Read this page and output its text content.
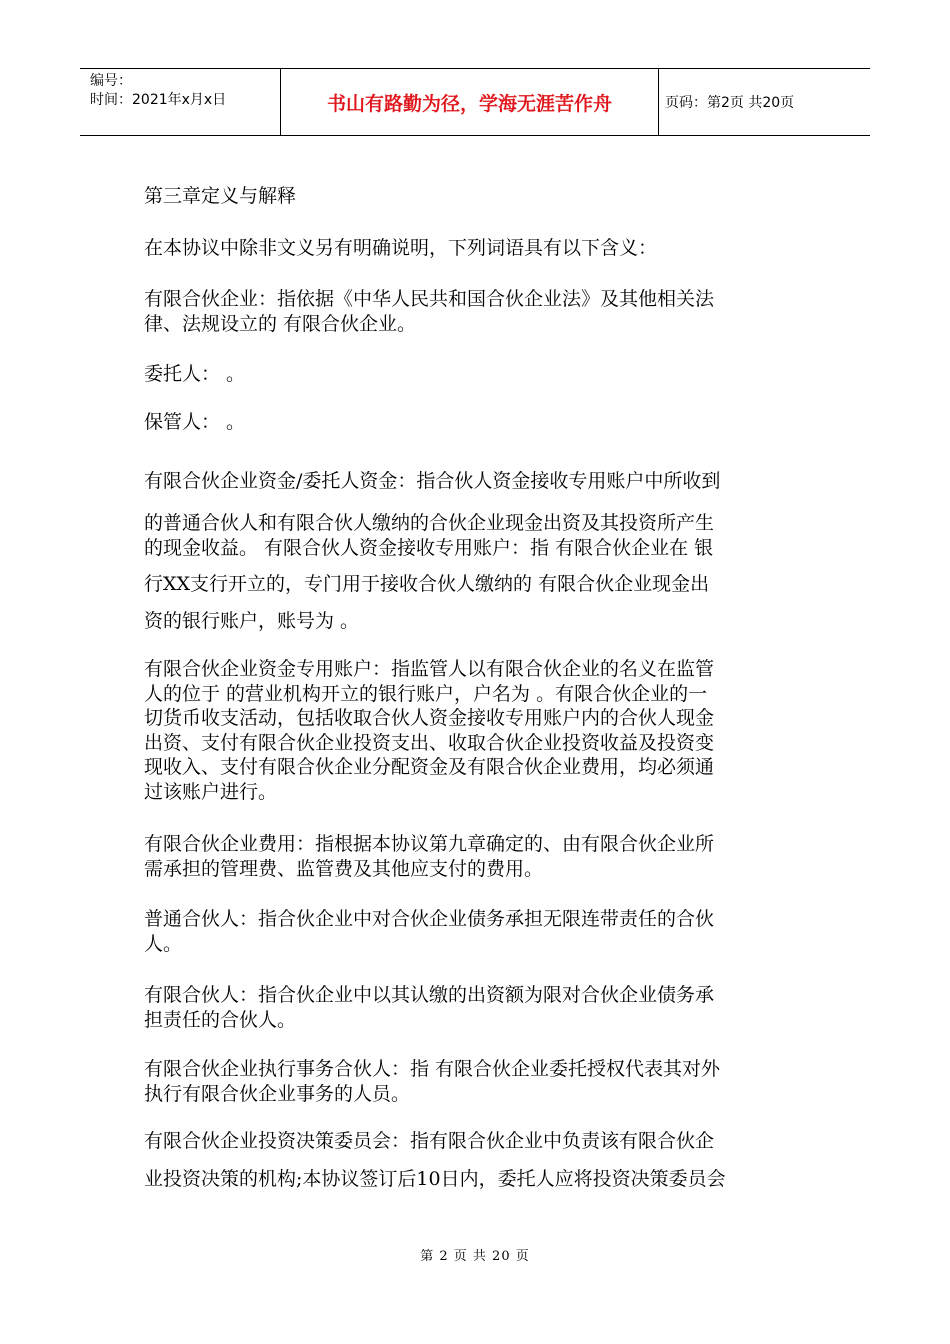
编号：
时间：2021年x月x日	书山有路勤为径，学海无涯苦作舟	页码：第2页 共20页
第三章定义与解释
在本协议中除非文义另有明确说明，下列词语具有以下含义：
有限合伙企业：指依据《中华人民共和国合伙企业法》及其他相关法
律、法规设立的 有限合伙企业。
委托人： 。
保管人： 。
有限合伙企业资金/委托人资金：指合伙人资金接收专用账户中所收到
的普通合伙人和有限合伙人缴纳的合伙企业现金出资及其投资所产生
的现金收益。 有限合伙人资金接收专用账户：指 有限合伙企业在 银
行XX支行开立的，专门用于接收合伙人缴纳的 有限合伙企业现金出
资的银行账户，账号为 。
有限合伙企业资金专用账户：指监管人以有限合伙企业的名义在监管
人的位于 的营业机构开立的银行账户，户名为 。有限合伙企业的一
切货币收支活动，包括收取合伙人资金接收专用账户内的合伙人现金
出资、支付有限合伙企业投资支出、收取合伙企业投资收益及投资变
现收入、支付有限合伙企业分配资金及有限合伙企业费用，均必须通
过该账户进行。
有限合伙企业费用：指根据本协议第九章确定的、由有限合伙企业所
需承担的管理费、监管费及其他应支付的费用。
普通合伙人：指合伙企业中对合伙企业债务承担无限连带责任的合伙
人。
有限合伙人：指合伙企业中以其认缴的出资额为限对合伙企业债务承
担责任的合伙人。
有限合伙企业执行事务合伙人：指 有限合伙企业委托授权代表其对外
执行有限合伙企业事务的人员。
有限合伙企业投资决策委员会：指有限合伙企业中负责该有限合伙企
业投资决策的机构;本协议签订后10日内，委托人应将投资决策委员会
第 2 页 共 20 页
